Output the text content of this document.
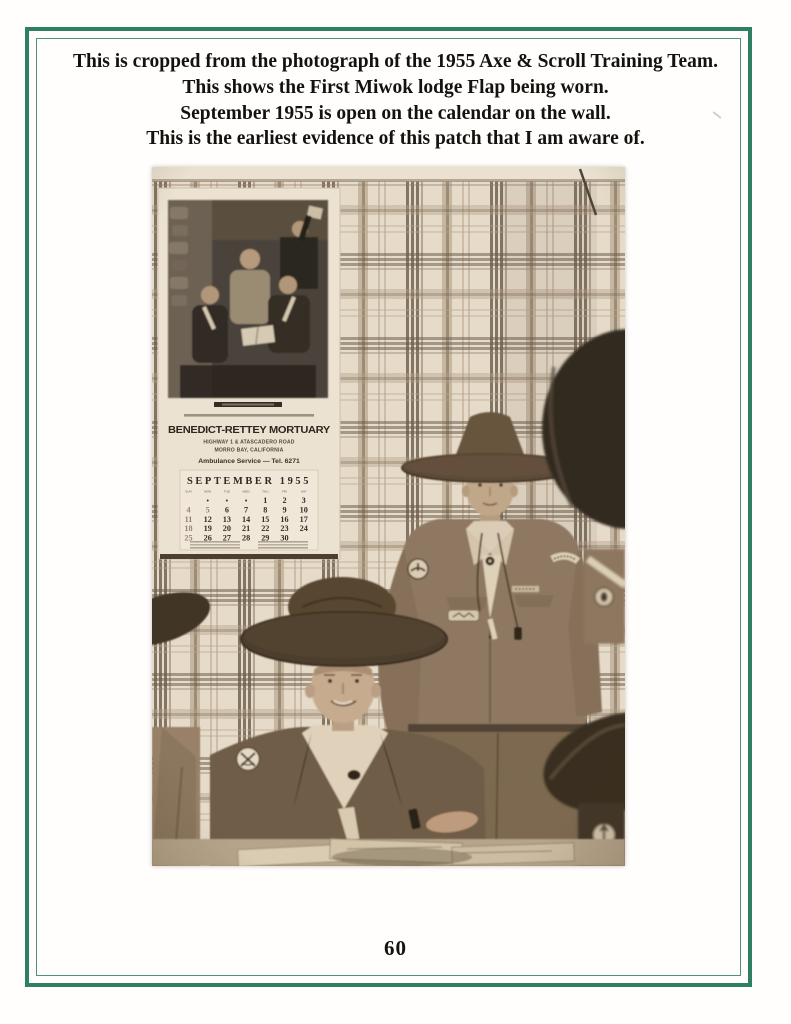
This is cropped from the photograph of the 1955 Axe & Scroll Training Team.
This shows the First Miwok lodge Flap being worn.
September 1955 is open on the calendar on the wall.
This is the earliest evidence of this patch that I am aware of.
60
